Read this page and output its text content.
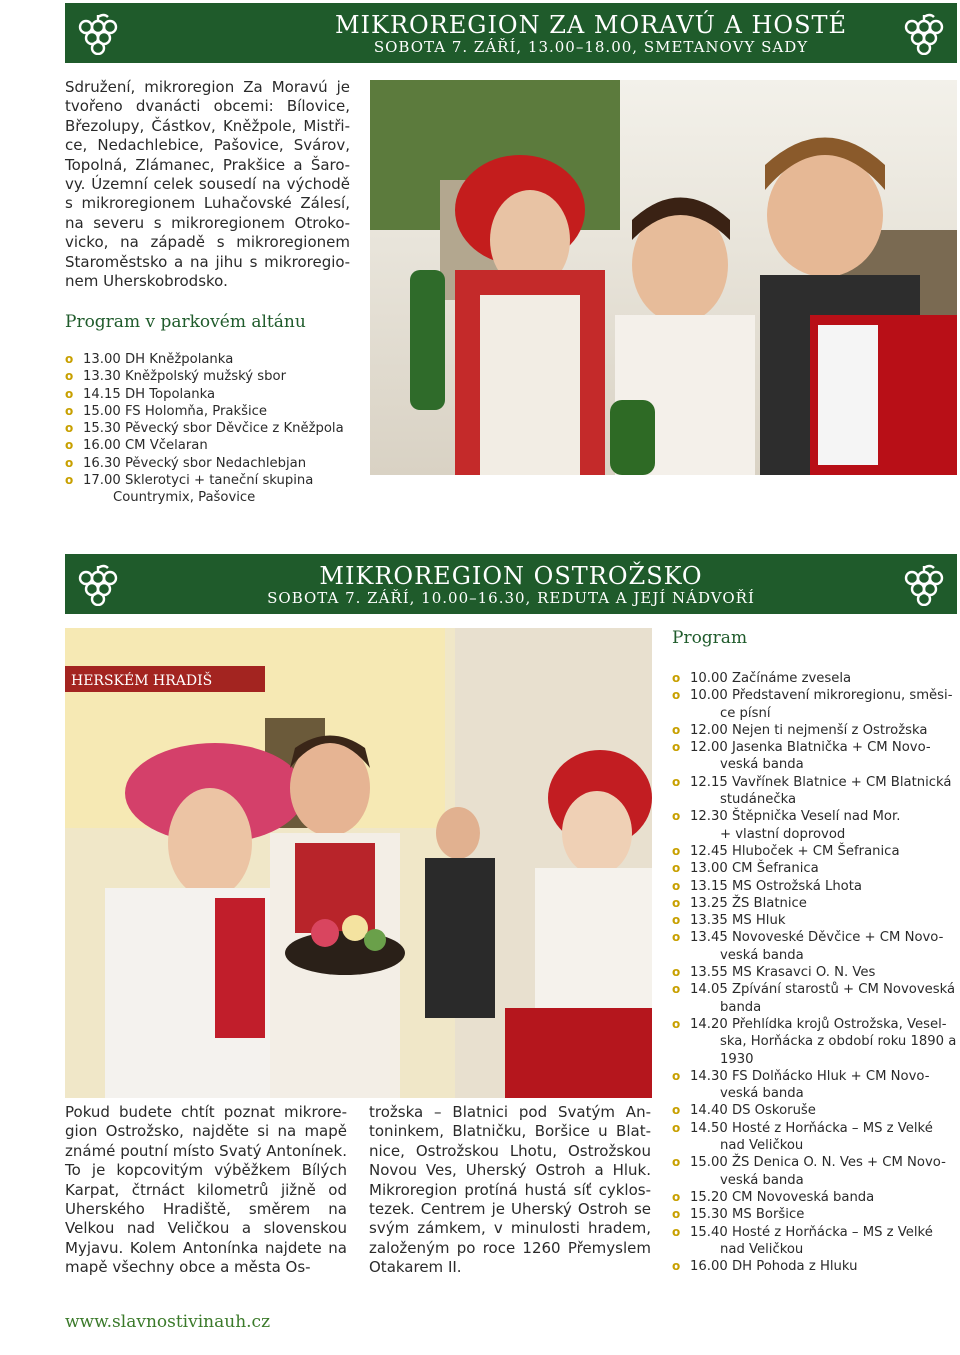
MIKROREGION ZA MORAVÚ A HOSTÉ
SOBOTA 7. ZÁŘÍ, 13.00–18.00, SMETANOVY SADY
Sdružení, mikroregion Za Moravú je tvořeno dvanácti obcemi: Bílovice, Březolupy, Částkov, Kněžpole, Mistřice, Nedachlebice, Pašovice, Svárov, Topolná, Zlámanec, Prakšice a Šarovy. Územní celek sousedí na východě s mikroregionem Luhačovské Zálesí, na severu s mikroregionem Otrokovicko, na západě s mikroregionem Staroměstsko a na jihu s mikroregionem Uherskobrodsko.
Program v parkovém altánu
o 13.00 DH Kněžpolanka
o 13.30 Kněžpolský mužský sbor
o 14.15 DH Topolanka
o 15.00 FS Holomňa, Prakšice
o 15.30 Pěvecký sbor Děvčice z Kněžpola
o 16.00 CM Včelaran
o 16.30 Pěvecký sbor Nedachlebjan
o 17.00 Sklerotyci + taneční skupina
Countrymix, Pašovice
MIKROREGION OSTROŽSKO
SOBOTA 7. ZÁŘÍ, 10.00–16.30, REDUTA A JEJÍ NÁDVOŘÍ
HERSKÉM HRADIŠ
Program
o 10.00 Začínáme zvesela
o 10.00 Představení mikroregionu, směsi-
ce písní
o 12.00 Nejen ti nejmenší z Ostrožska
o 12.00 Jasenka Blatnička + CM Novo-
veská banda
o 12.15 Vavřínek Blatnice + CM Blatnická
studánečka
o 12.30 Štěpnička Veselí nad Mor.
+ vlastní doprovod
o 12.45 Hluboček + CM Šefranica
o 13.00 CM Šefranica
o 13.15 MS Ostrožská Lhota
o 13.25 ŽS Blatnice
o 13.35 MS Hluk
o 13.45 Novoveské Děvčice + CM Novo-
veská banda
o 13.55 MS Krasavci O. N. Ves
o 14.05 Zpívání starostů + CM Novoveská
banda
o 14.20 Přehlídka krojů Ostrožska, Vesel-
ska, Horňácka z období roku 1890 a 1930
o 14.30 FS Dolňácko Hluk + CM Novo-
veská banda
o 14.40 DS Oskoruše
o 14.50 Hosté z Horňácka – MS z Velké
nad Veličkou
o 15.00 ŽS Denica O. N. Ves + CM Novo-
veská banda
o 15.20 CM Novoveská banda
o 15.30 MS Boršice
o 15.40 Hosté z Horňácka – MS z Velké
nad Veličkou
o 16.00 DH Pohoda z Hluku
Pokud budete chtít poznat mikroregion Ostrožsko, najděte si na mapě známé poutní místo Svatý Antonínek. To je kopcovitým výběžkem Bílých Karpat, čtrnáct kilometrů jižně od Uherského Hradiště, směrem na Velkou nad Veličkou a slovenskou Myjavu. Kolem Antonínka najdete na mapě všechny obce a města Os-
trožska – Blatnici pod Svatým Antoninkem, Blatničku, Boršice u Blatnice, Ostrožskou Lhotu, Ostrožskou Novou Ves, Uherský Ostroh a Hluk. Mikroregion protíná hustá síť cyklostezek. Centrem je Uherský Ostroh se svým zámkem, v minulosti hradem, založeným po roce 1260 Přemyslem Otakarem II.
www.slavnostivinauh.cz
